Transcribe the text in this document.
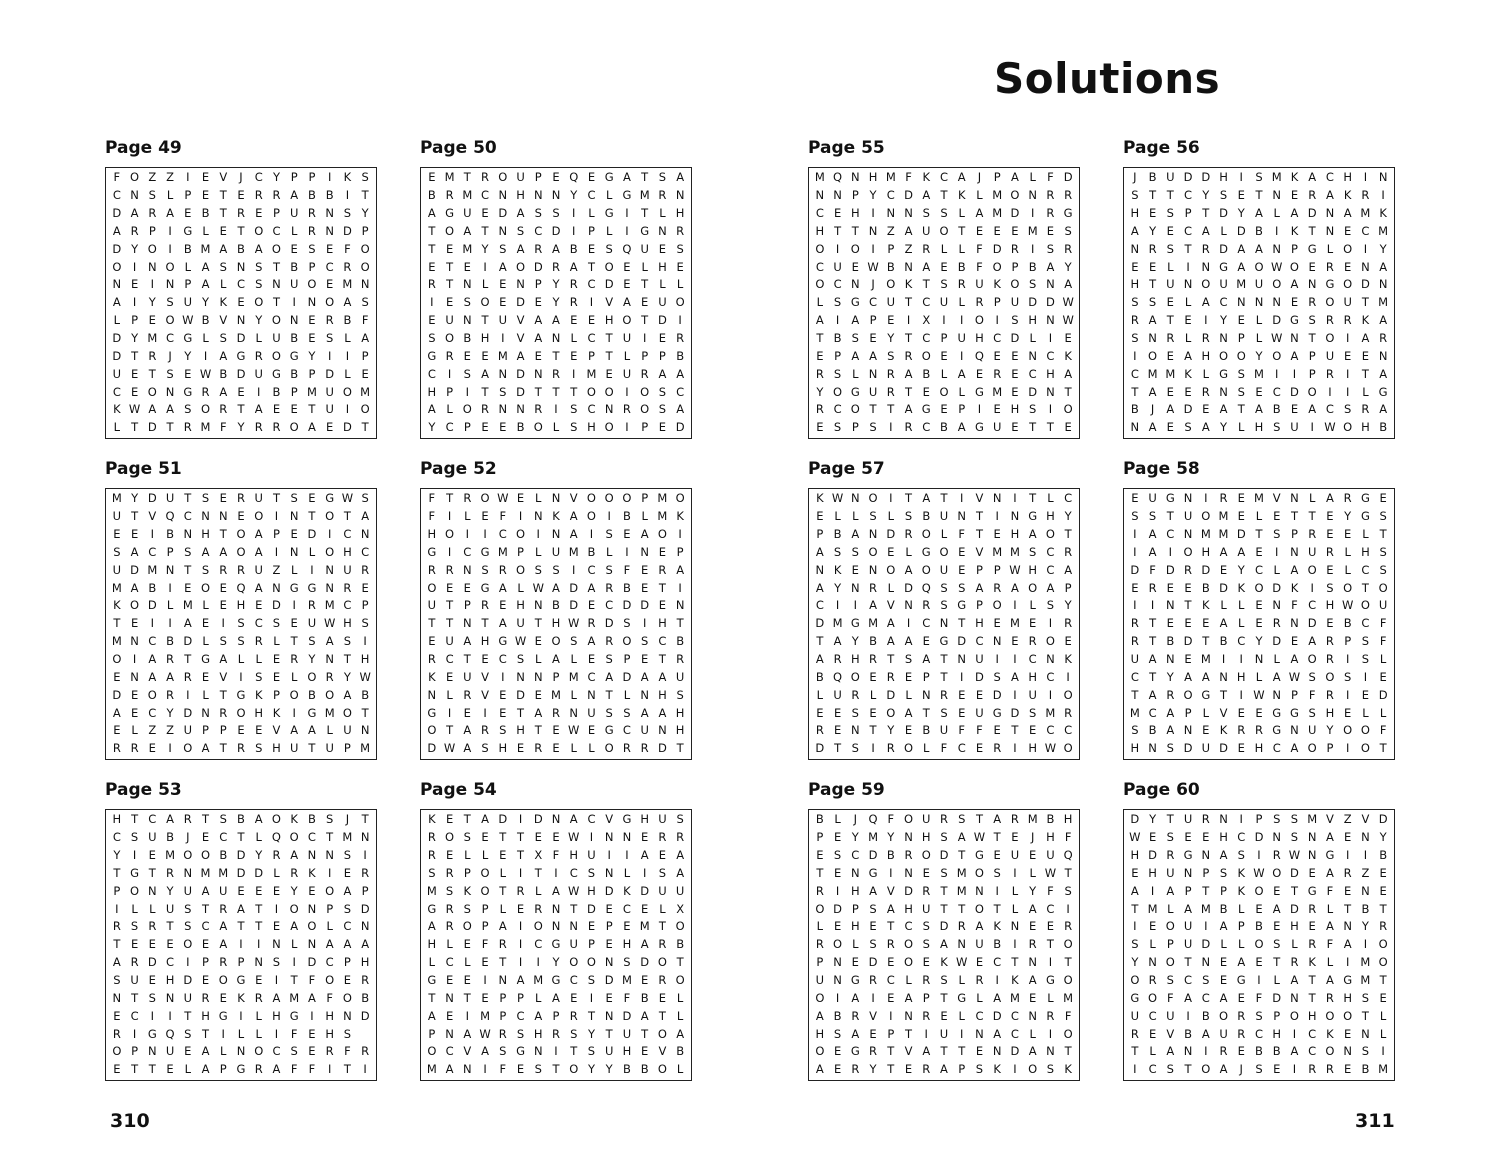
Solutions
Page 49
F O Z Z	I	E V	J	C Y P P	I	K S
C N S L P E T E R R A B B	I	T
D A R A E B T R E P U R N S Y
A R P	I	G L E T O C L R N D P
D Y O	I	B M A B A O E S E F O
O I	N O L A S N S T B P C R O
N E	I	N P A L C S N U O E M N
A	I	Y S U Y K E O T	I	N O A S
L P E O W B V N Y O N E R B F
D Y M C G L S D L U B E S L A
D T R	J	Y	I	A G R O G Y	I	I	P
U E T S E W B D U G B P D L E
C E O N G R A E	I	B P M U O M
K W A A S O R T A E E T U	I	O
L T D T R M F Y R R O A E D T
Page 50
E M T R O U P E Q E G A T S A
B R M C N H N N Y C L G M R N
A G U E D A S S	I	L G	I	T L H
T O A T N S C D	I	P L	I	G N R
T E M Y S A R A B E S Q U E S
E T E	I	A O D R A T O E L H E
R T N L E N P Y R C D E T L L
I	E S O E D E Y R	I	V A E U O
E U N T U V A A E E H O T D	I
S O B H	I	V A N L C T U	I	E R
G R E E M A E T E P T L P P B
C	I	S A N D N R	I M E U R A A
H P	I	T S D T T T O O	I	O S C
A L O R N N R	I	S C N R O S A
Y C P E E B O L S H O	I	P E D
Page 55
M Q N H M F K C A	J	P A L F D
N N P Y C D A T K L M O N R R
C E H	I	N N S S L A M D	I	R G
H T T N Z A U O T E E E M E S
O I	O	I	P Z R L L F D R	I	S R
C U E W B N A E B F O P B A Y
O C N	J	O K T S R U K O S N A
L S G C U T C U L R P U D D W
A	I	A P E	I	X	I	I	O	I	S H N W
T B S E Y T C P U H C D L	I	E
E P A A S R O E	I	Q E E N C K
R S L N R A B L A E R E C H A
Y O G U R T E O L G M E D N T
R C O T T A G E P	I	E H S	I	O
E S P S	I	R C B A G U E T T E
Page 56
J	B U D D H	I	S M K A C H	I	N
S T T C Y S E T N E R A K R	I
H E S P T D Y A L A D N A M K
A Y E C A L D B	I	K T N E C M
N R S T R D A A N P G L O	I	Y
E E L	I	N G A O W O E R E N A
H T U N O U M U O A N G O D N
S S E L A C N N N E R O U T M
R A T E	I	Y E L D G S R R K A
S N R L R N P L W N T O	I	A R
I O E A H O O Y O A P U E E N
C M M K L G S M I	I	P R	I	T A
T A E E R N S E C D O	I	I	L G
B	J	A D E A T A B E A C S R A
N A E S A Y L H S U	I W O H B
Page 51
M Y D U T S E R U T S E G W S
U T V Q C N N E O	I	N T O T A
E E	I	B N H T O A P E D	I	C N
S A C P S A A O A	I	N L O H C
U D M N T S R R U Z L	I	N U R
M A B	I	E O E Q A N G G N R E
K O D L M L E H E D	I	R M C P
T E	I	I	A E	I	S C S E U W H S
M N C B D L S S R L T S A S	I
O I	A R T G A L L E R Y N T H
E N A A R E V	I	S E L O R Y W
D E O R	I	L T G K P O B O A B
A E C Y D N R O H K	I	G M O T
E L Z Z U P P E E V A A L U N
R R E	I	O A T R S H U T U P M
Page 52
F T R O W E L N V O O O P M O
F	I	L E F	I	N K A O	I	B L M K
H O	I	I	C O	I	N A	I	S E A O	I
G	I	C G M P L U M B L	I	N E P
R R N S R O S S	I	C S F E R A
O E E G A L W A D A R B E T	I
U T P R E H N B D E C D D E N
T T N T A U T H W R D S	I	H T
E U A H G W E O S A R O S C B
R C T E C S L A L E S P E T R
K E U V	I	N N P M C A D A A U
N L R V E D E M L N T L N H S
G	I	E	I	E T A R N U S S A A H
O T A R S H T E W E G C U N H
D W A S H E R E L L O R R D T
Page 57
K W N O	I	T A T	I	V N	I	T L C
E L L S L S B U N T	I	N G H Y
P B A N D R O L F T E H A O T
A S S O E L G O E V M M S C R
N K E N O A O U E P P W H C A
A Y N R L D Q S S A R A O A P
C	I	I	A V N R S G P O	I	L S Y
D M G M A	I	C N T H E M E	I	R
T A Y B A A E G D C N E R O E
A R H R T S A T N U	I	I	C N K
B Q O E R E P T	I	D S A H C	I
L U R L D L N R E E D	I	U	I	O
E E S E O A T S E U G D S M R
R E N T Y E B U F F E T E C C
D T S	I	R O L F C E R	I	H W O
Page 58
E U G N	I	R E M V N L A R G E
S S T U O M E L E T T E Y G S
I	A C N M M D T S P R E E L T
I	A	I	O H A A E	I	N U R L H S
D F D R D E Y C L A O E L C S
E R E E B D K O D K	I	S O T O
I	I	N T K L L E N F C H W O U
R T E E E A L E R N D E B C F
R T B D T B C Y D E A R P S F
U A N E M I	I	N L A O R	I	S L
C T Y A A N H L A W S O S	I	E
T A R O G T	I W N P F R	I	E D
M C A P L V E E G G S H E L L
S B A N E K R R G N U Y O O F
H N S D U D E H C A O P	I	O T
Page 53
H T C A R T S B A O K B S	J	T
C S U B	J	E C T L Q O C T M N
Y	I	E M O O B D Y R A N N S	I
T G T R N M M D D L R K	I	E R
P O N Y U A U E E E Y E O A P
I	L L U S T R A T	I	O N P S D
R S R T S C A T T E A O L C N
T E E E O E A	I	I	N L N A A A
A R D C	I	P R P N S	I	D C P H
S U E H D E O G E	I	T F O E R
N T S N U R E K R A M A F O B
E C	I	I	T H G	I	L H G	I	H N D
R	I	G Q S T	I	L L	I	F E H S
O P N U E A L N O C S E R F R
E T T E L A P G R A F F	I	T	I
Page 54
K E T A D	I	D N A C V G H U S
R O S E T T E E W I	N N E R R
R E L L E T X F H U	I	I	A E A
S R P O L	I	T	I	C S N L	I	S A
M S K O T R L A W H D K D U U
G R S P L E R N T D E C E L X
A R O P A	I	O N N E P E M T O
H L E F R	I	C G U P E H A R B
L C L E T	I	I	Y O O N S D O T
G E E	I	N A M G C S D M E R O
T N T E P P L A E	I	E F B E L
A E	I M P C A P R T N D A T L
P N A W R S H R S Y T U T O A
O C V A S G N	I	T S U H E V B
M A N	I	F E S T O Y Y B B O L
Page 59
B L	J	Q F O U R S T A R M B H
P E Y M Y N H S A W T E	J	H F
E S C D B R O D T G E U E U Q
T E N G	I	N E S M O S	I	L W T
R	I	H A V D R T M N	I	L Y F S
O D P S A H U T T O T L A C	I
L E H E T C S D R A K N E E R
R O L S R O S A N U B	I	R T O
P N E D E O E K W E C T N	I	T
U N G R C L R S L R	I	K A G O
O I	A	I	E A P T G L A M E L M
A B R V	I	N R E L C D C N R F
H S A E P T	I	U	I	N A C L	I	O
O E G R T V A T T E N D A N T
A E R Y T E R A P S K	I	O S K
Page 60
D Y T U R N	I	P S S M V Z V D
W E S E E H C D N S N A E N Y
H D R G N A S	I	R W N G	I	I	B
E H U N P S K W O D E A R Z E
A	I	A P T P K O E T G F E N E
T M L A M B L E A D R L T B T
I	E O U	I	A P B E H E A N Y R
S L P U D L L O S L R F A	I	O
Y N O T N E A E T R K L	I M O
O R S C S E G	I	L A T A G M T
G O F A C A E F D N T R H S E
U C U	I	B O R S P O H O O T L
R E V B A U R C H	I	C K E N L
T L A N	I	R E B B A C O N S	I
I	C S T O A	J	S E	I	R R E B M
310	311
